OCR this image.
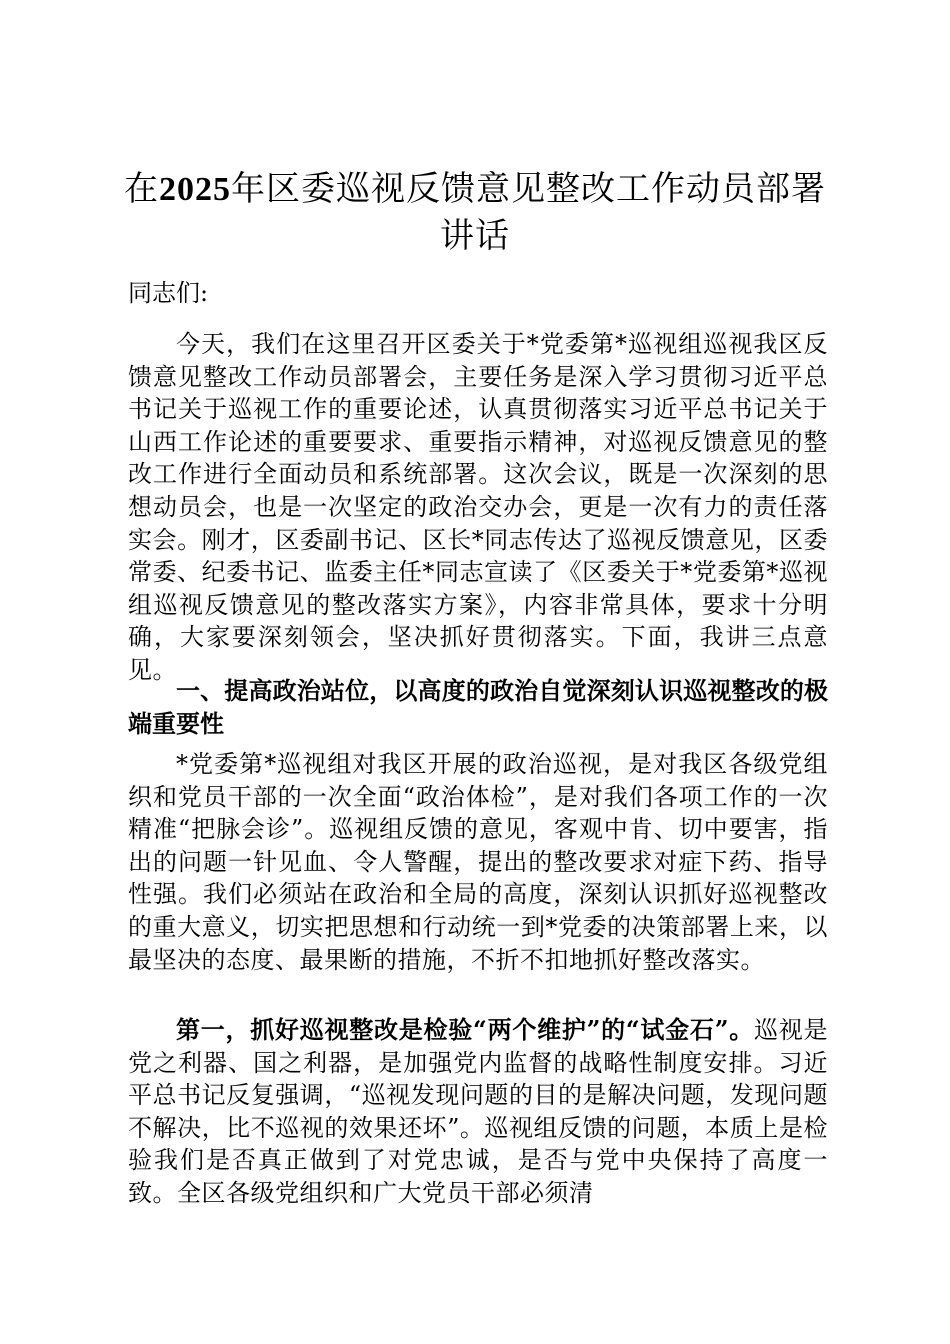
在2025年区委巡视反馈意见整改工作动员部署讲话

同志们:

今天，我们在这里召开区委关于*党委第*巡视组巡视我区反馈意见整改工作动员部署会，主要任务是深入学习贯彻习近平总书记关于巡视工作的重要论述，认真贯彻落实习近平总书记关于山西工作论述的重要要求、重要指示精神，对巡视反馈意见的整改工作进行全面动员和系统部署。这次会议，既是一次深刻的思想动员会，也是一次坚定的政治交办会，更是一次有力的责任落实会。刚才，区委副书记、区长*同志传达了巡视反馈意见，区委常委、纪委书记、监委主任*同志宣读了《区委关于*党委第*巡视组巡视反馈意见的整改落实方案》，内容非常具体，要求十分明确，大家要深刻领会，坚决抓好贯彻落实。下面，我讲三点意见。

一、提高政治站位，以高度的政治自觉深刻认识巡视整改的极端重要性

*党委第*巡视组对我区开展的政治巡视，是对我区各级党组织和党员干部的一次全面“政治体检”，是对我们各项工作的一次精准“把脉会诊”。巡视组反馈的意见，客观中肯、切中要害，指出的问题一针见血、令人警醒，提出的整改要求对症下药、指导性强。我们必须站在政治和全局的高度，深刻认识抓好巡视整改的重大意义，切实把思想和行动统一到*党委的决策部署上来，以最坚决的态度、最果断的措施，不折不扣地抓好整改落实。

第一，抓好巡视整改是检验“两个维护”的“试金石”。巡视是党之利器、国之利器，是加强党内监督的战略性制度安排。习近平总书记反复强调，“巡视发现问题的目的是解决问题，发现问题不解决，比不巡视的效果还坏”。巡视组反馈的问题，本质上是检验我们是否真正做到了对党忠诚，是否与党中央保持了高度一致。全区各级党组织和广大党员干部必须清
